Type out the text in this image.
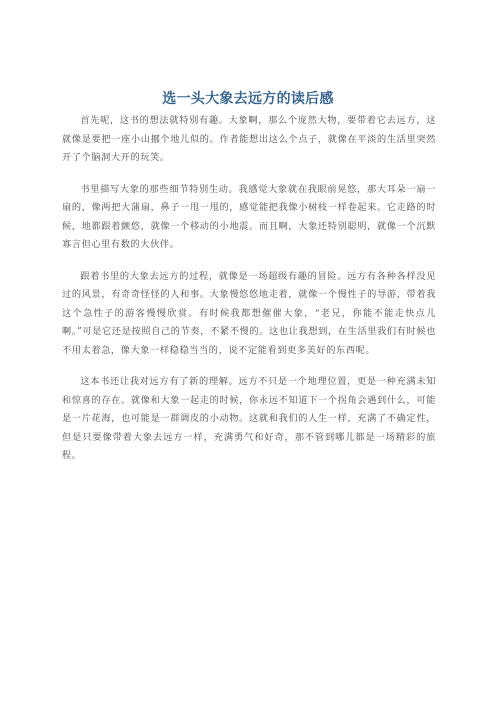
选一头大象去远方的读后感

首先呢，这书的想法就特别有趣。大象啊，那么个庞然大物，要带着它去远方，这就像是要把一座小山挪个地儿似的。作者能想出这么个点子，就像在平淡的生活里突然开了个脑洞大开的玩笑。

书里描写大象的那些细节特别生动。我感觉大象就在我眼前晃悠，那大耳朵一扇一扇的，像两把大蒲扇，鼻子一甩一甩的，感觉能把我像小树枝一样卷起来。它走路的时候，地都跟着颤悠，就像一个移动的小地震。而且啊，大象还特别聪明，就像一个沉默寡言但心里有数的大伙伴。

跟着书里的大象去远方的过程，就像是一场超级有趣的冒险。远方有各种各样没见过的风景，有奇奇怪怪的人和事。大象慢悠悠地走着，就像一个慢性子的导游，带着我这个急性子的游客慢慢欣赏。有时候我都想催催大象，“老兄，你能不能走快点儿啊。”可是它还是按照自己的节奏，不紧不慢的。这也让我想到，在生活里我们有时候也不用太着急，像大象一样稳稳当当的，说不定能看到更多美好的东西呢。

这本书还让我对远方有了新的理解。远方不只是一个地理位置，更是一种充满未知和惊喜的存在。就像和大象一起走的时候，你永远不知道下一个拐角会遇到什么，可能是一片花海，也可能是一群调皮的小动物。这就和我们的人生一样，充满了不确定性，但是只要像带着大象去远方一样，充满勇气和好奇，那不管到哪儿都是一场精彩的旅程。
